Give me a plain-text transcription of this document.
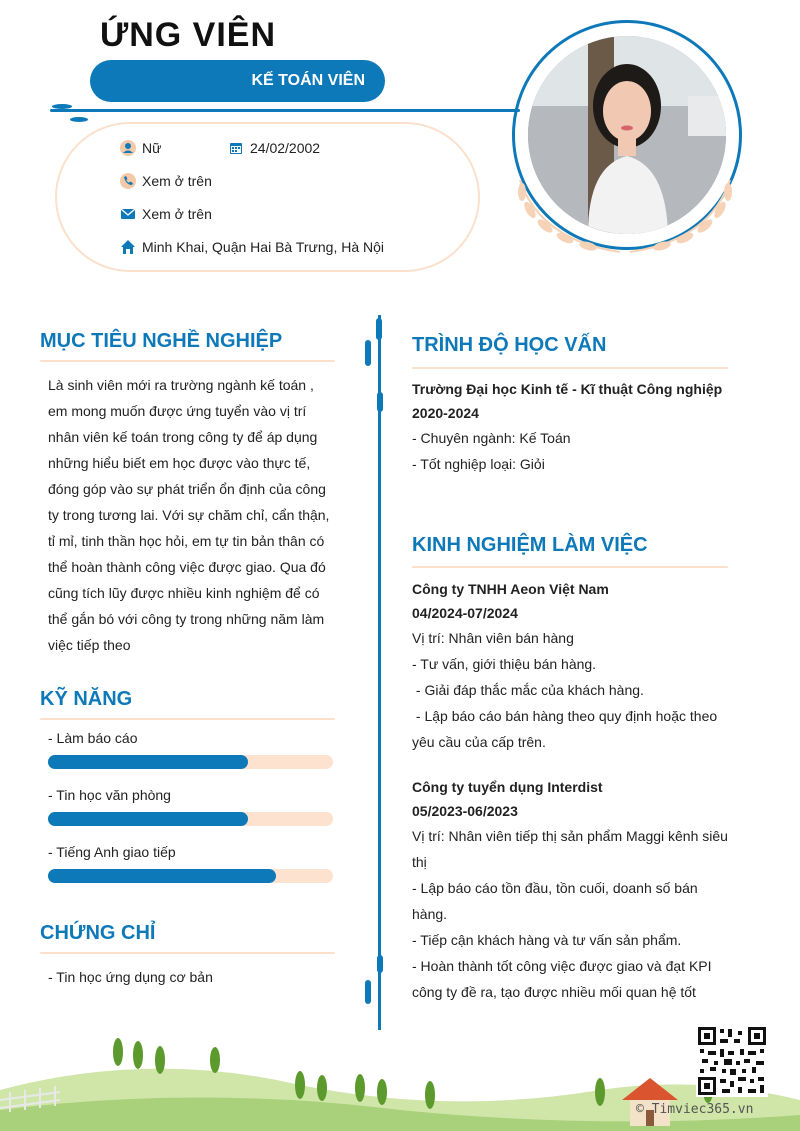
ỨNG VIÊN
KẾ TOÁN VIÊN
Nữ	24/02/2002
Xem ở trên
Xem ở trên
Minh Khai, Quận Hai Bà Trưng, Hà Nội
MỤC TIÊU NGHỀ NGHIỆP
Là sinh viên mới ra trường ngành kế toán ,
em mong muốn được ứng tuyển vào vị trí
nhân viên kế toán trong công ty để áp dụng
những hiểu biết em học được vào thực tế,
đóng góp vào sự phát triển ổn định của công
ty trong tương lai. Với sự chăm chỉ, cẩn thận,
tỉ mỉ, tinh thần học hỏi, em tự tin bản thân có
thể hoàn thành công việc được giao. Qua đó
cũng tích lũy được nhiều kinh nghiệm để có
thể gắn bó với công ty trong những năm làm
việc tiếp theo
KỸ NĂNG
- Làm báo cáo
- Tin học văn phòng
- Tiếng Anh giao tiếp
CHỨNG CHỈ
- Tin học ứng dụng cơ bản
TRÌNH ĐỘ HỌC VẤN
Trường Đại học Kinh tế - Kĩ thuật Công nghiệp
2020-2024
- Chuyên ngành: Kế Toán
- Tốt nghiệp loại: Giỏi
KINH NGHIỆM LÀM VIỆC
Công ty TNHH Aeon Việt Nam
04/2024-07/2024
Vị trí: Nhân viên bán hàng
- Tư vấn, giới thiệu bán hàng.
- Giải đáp thắc mắc của khách hàng.
- Lập báo cáo bán hàng theo quy định hoặc theo
yêu cầu của cấp trên.
Công ty tuyển dụng Interdist
05/2023-06/2023
Vị trí: Nhân viên tiếp thị sản phẩm Maggi kênh siêu
thị
- Lập báo cáo tồn đầu, tồn cuối, doanh số bán
hàng.
- Tiếp cận khách hàng và tư vấn sản phẩm.
- Hoàn thành tốt công việc được giao và đạt KPI
công ty đề ra, tạo được nhiều mối quan hệ tốt
© Timviec365.vn
